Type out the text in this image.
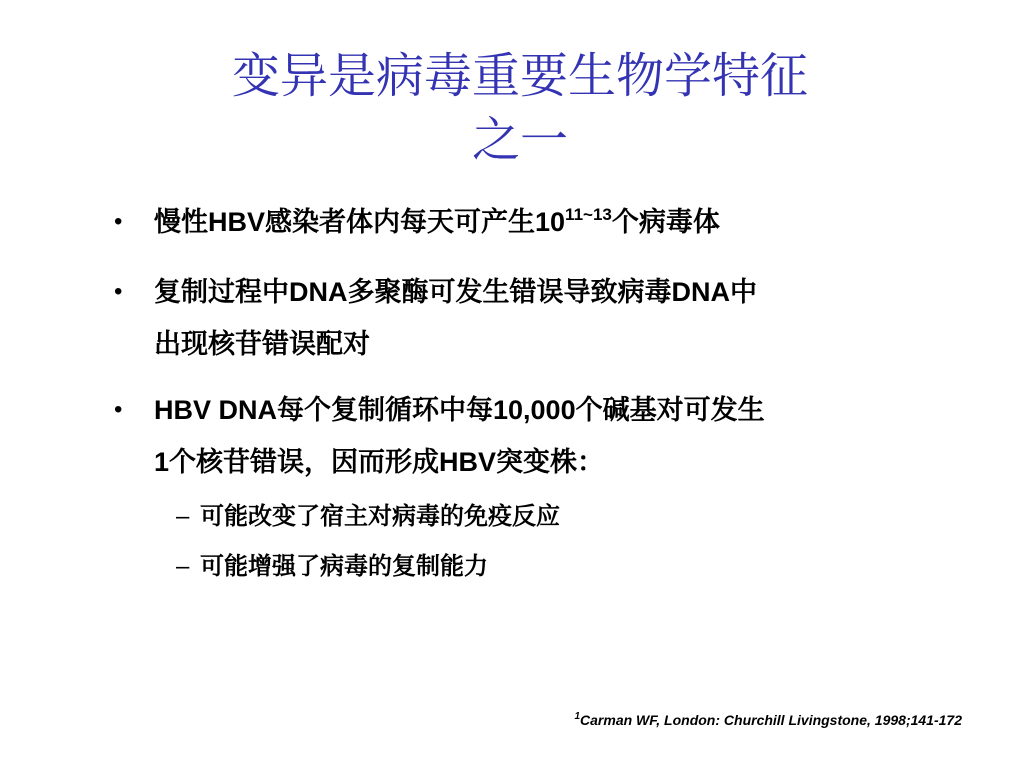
变异是病毒重要生物学特征
之一
• 慢性HBV感染者体内每天可产生$10^{11\sim 13}$个病毒体
• 复制过程中DNA多聚酶可发生错误导致病毒DNA中
出现核苷错误配对
• HBV DNA每个复制循环中每10,000个碱基对可发生
1个核苷错误，因而形成HBV突变株：
– 可能改变了宿主对病毒的免疫反应
– 可能增强了病毒的复制能力
$^1$Carman WF, London: Churchill Livingstone, 1998;141-172
